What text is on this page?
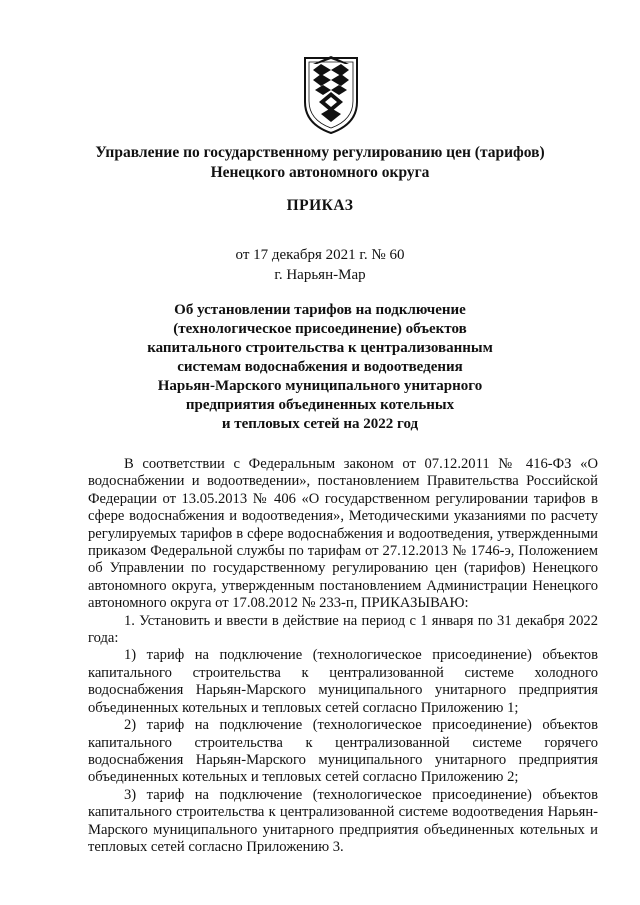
Управление по государственному регулированию цен (тарифов)
Ненецкого автономного округа
ПРИКАЗ
от 17 декабря 2021 г. № 60
г. Нарьян-Мар
Об установлении тарифов на подключение
(технологическое присоединение) объектов
капитального строительства к централизованным
системам водоснабжения и водоотведения
Нарьян-Марского муниципального унитарного
предприятия объединенных котельных
и тепловых сетей на 2022 год

В соответствии с Федеральным законом от 07.12.2011 № 416-ФЗ «О водоснабжении и водоотведении», постановлением Правительства Российской Федерации от 13.05.2013 № 406 «О государственном регулировании тарифов в сфере водоснабжения и водоотведения», Методическими указаниями по расчету регулируемых тарифов в сфере водоснабжения и водоотведения, утвержденными приказом Федеральной службы по тарифам от 27.12.2013 № 1746-э, Положением об Управлении по государственному регулированию цен (тарифов) Ненецкого автономного округа, утвержденным постановлением Администрации Ненецкого автономного округа от 17.08.2012 № 233-п, ПРИКАЗЫВАЮ:

1. Установить и ввести в действие на период с 1 января по 31 декабря 2022 года:

1) тариф на подключение (технологическое присоединение) объектов капитального строительства к централизованной системе холодного водоснабжения Нарьян-Марского муниципального унитарного предприятия объединенных котельных и тепловых сетей согласно Приложению 1;

2) тариф на подключение (технологическое присоединение) объектов капитального строительства к централизованной системе горячего водоснабжения Нарьян-Марского муниципального унитарного предприятия объединенных котельных и тепловых сетей согласно Приложению 2;

3) тариф на подключение (технологическое присоединение) объектов капитального строительства к централизованной системе водоотведения Нарьян-Марского муниципального унитарного предприятия объединенных котельных и тепловых сетей согласно Приложению 3.
